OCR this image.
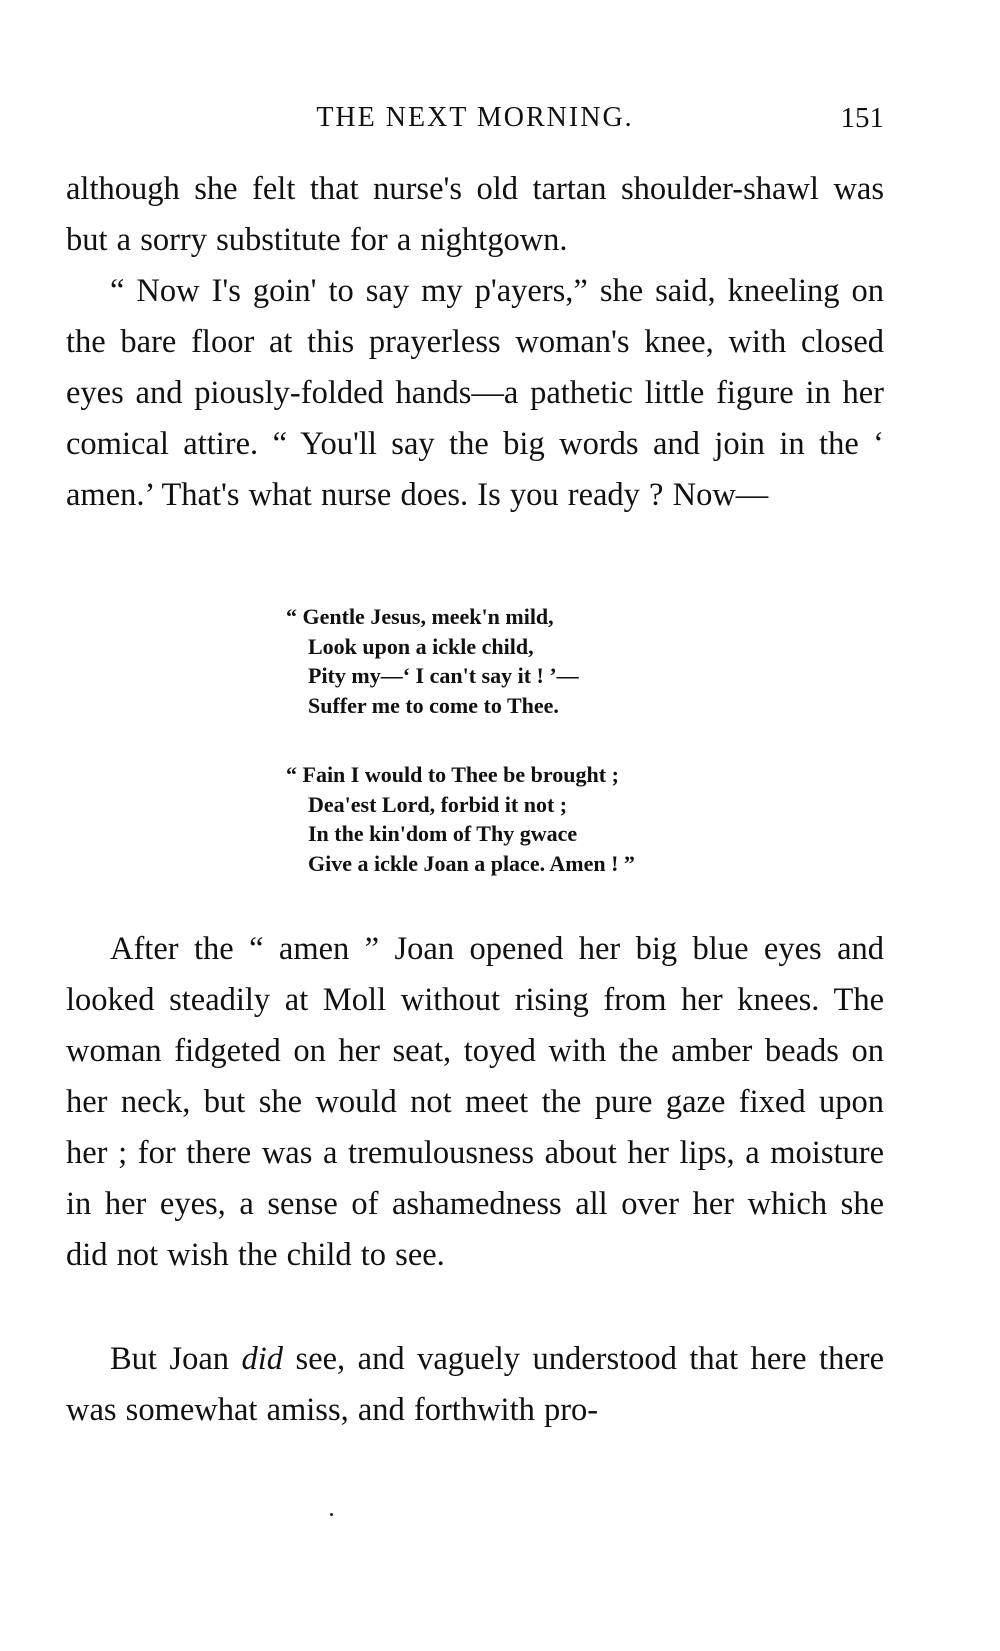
THE NEXT MORNING.	151

although she felt that nurse's old tartan shoulder-shawl was but a sorry substitute for a nightgown.

“ Now I's goin' to say my p'ayers,” she said, kneeling on the bare floor at this prayerless woman's knee, with closed eyes and piously-folded hands—a pathetic little figure in her comical attire. “ You'll say the big words and join in the ‘ amen.’ That's what nurse does. Is you ready ? Now—

“ Gentle Jesus, meek'n mild,
Look upon a ickle child,
Pity my—‘ I can't say it ! ’—
Suffer me to come to Thee.
“ Fain I would to Thee be brought ;
Dea'est Lord, forbid it not ;
In the kin'dom of Thy gwace
Give a ickle Joan a place. Amen ! ”

After the “ amen ” Joan opened her big blue eyes and looked steadily at Moll without rising from her knees. The woman fidgeted on her seat, toyed with the amber beads on her neck, but she would not meet the pure gaze fixed upon her ; for there was a tremulousness about her lips, a moisture in her eyes, a sense of ashamedness all over her which she did not wish the child to see.

But Joan did see, and vaguely understood that here there was somewhat amiss, and forthwith pro-
